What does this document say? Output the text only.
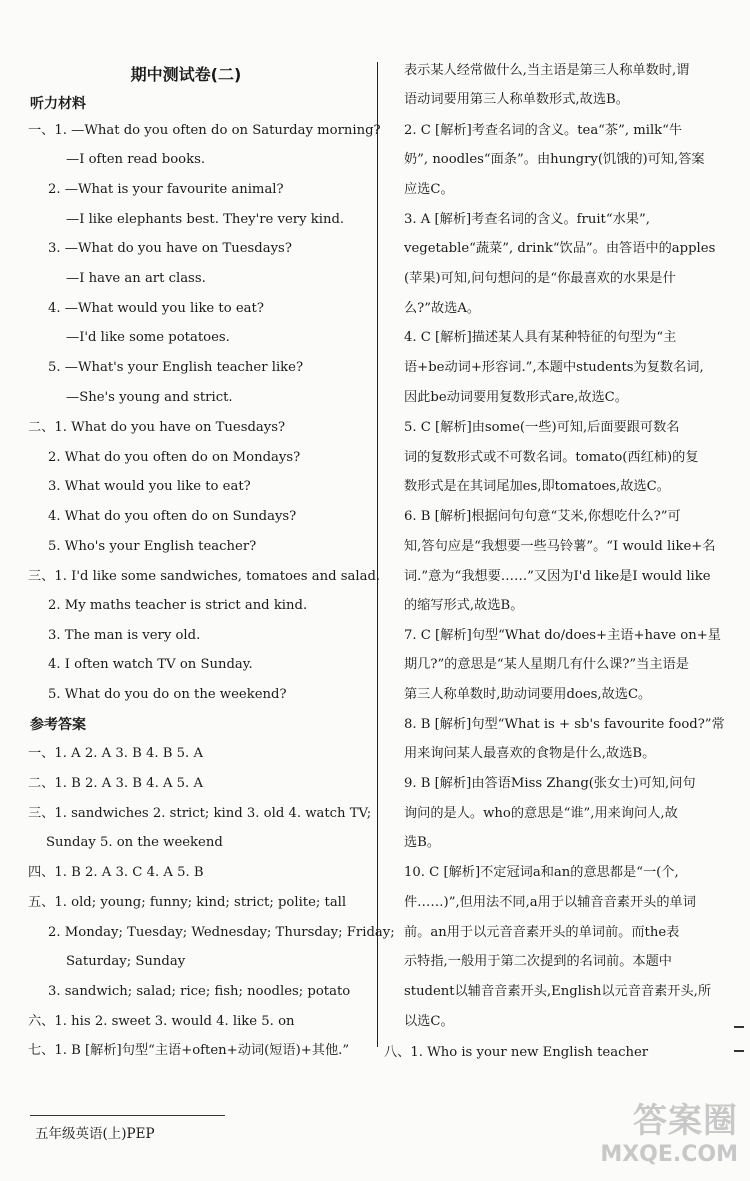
期中测试卷(二)
听力材料
一、1. —What do you often do on Saturday morning?
—I often read books.
2. —What is your favourite animal?
—I like elephants best. They're very kind.
3. —What do you have on Tuesdays?
—I have an art class.
4. —What would you like to eat?
—I'd like some potatoes.
5. —What's your English teacher like?
—She's young and strict.
二、1. What do you have on Tuesdays?
2. What do you often do on Mondays?
3. What would you like to eat?
4. What do you often do on Sundays?
5. Who's your English teacher?
三、1. I'd like some sandwiches, tomatoes and salad.
2. My maths teacher is strict and kind.
3. The man is very old.
4. I often watch TV on Sunday.
5. What do you do on the weekend?
参考答案
一、1. A 2. A 3. B 4. B 5. A
二、1. B 2. A 3. B 4. A 5. A
三、1. sandwiches 2. strict; kind 3. old 4. watch TV;
Sunday 5. on the weekend
四、1. B 2. A 3. C 4. A 5. B
五、1. old; young; funny; kind; strict; polite; tall
2. Monday; Tuesday; Wednesday; Thursday; Friday;
Saturday; Sunday
3. sandwich; salad; rice; fish; noodles; potato
六、1. his 2. sweet 3. would 4. like 5. on
七、1. B [解析]句型“主语+often+动词(短语)+其他.”
表示某人经常做什么,当主语是第三人称单数时,谓
语动词要用第三人称单数形式,故选B。
2. C [解析]考查名词的含义。tea“茶”, milk“牛
奶”, noodles“面条”。由hungry(饥饿的)可知,答案
应选C。
3. A [解析]考查名词的含义。fruit“水果”,
vegetable“蔬菜”, drink“饮品”。由答语中的apples
(苹果)可知,问句想问的是“你最喜欢的水果是什
么?”故选A。
4. C [解析]描述某人具有某种特征的句型为“主
语+be动词+形容词.”,本题中students为复数名词,
因此be动词要用复数形式are,故选C。
5. C [解析]由some(一些)可知,后面要跟可数名
词的复数形式或不可数名词。tomato(西红柿)的复
数形式是在其词尾加es,即tomatoes,故选C。
6. B [解析]根据问句句意“艾米,你想吃什么?”可
知,答句应是“我想要一些马铃薯”。“I would like+名
词.”意为“我想要……”又因为I'd like是I would like
的缩写形式,故选B。
7. C [解析]句型“What do/does+主语+have on+星
期几?”的意思是“某人星期几有什么课?”当主语是
第三人称单数时,助动词要用does,故选C。
8. B [解析]句型“What is + sb's favourite food?”常
用来询问某人最喜欢的食物是什么,故选B。
9. B [解析]由答语Miss Zhang(张女士)可知,问句
询问的是人。who的意思是“谁”,用来询问人,故
选B。
10. C [解析]不定冠词a和an的意思都是“一(个,
件……)”,但用法不同,a用于以辅音音素开头的单词
前。an用于以元音音素开头的单词前。而the表
示特指,一般用于第二次提到的名词前。本题中
student以辅音音素开头,English以元音音素开头,所
以选C。
八、1. Who is your new English teacher
五年级英语(上)PEP	答案圈
MXQE.COM
